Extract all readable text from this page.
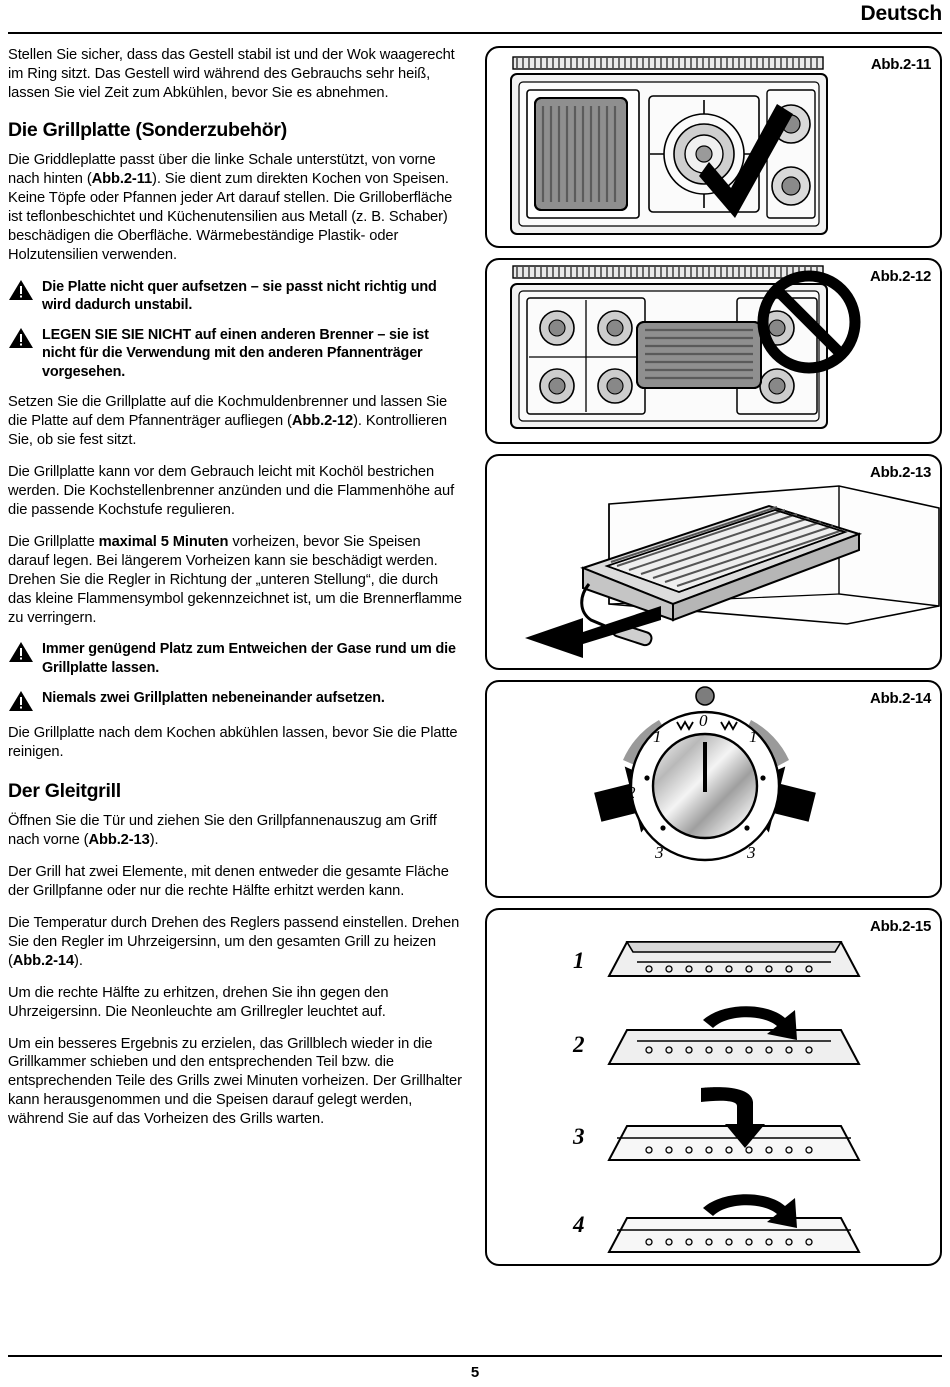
Deutsch

Stellen Sie sicher, dass das Gestell stabil ist und der Wok waagerecht im Ring sitzt. Das Gestell wird während des Gebrauchs sehr heiß, lassen Sie viel Zeit zum Abkühlen, bevor Sie es abnehmen.

Die Grillplatte (Sonderzubehör)

Die Griddleplatte passt über die linke Schale unterstützt, von vorne nach hinten (Abb.2-11). Sie dient zum direkten Kochen von Speisen. Keine Töpfe oder Pfannen jeder Art darauf stellen. Die Grilloberfläche ist teflonbeschichtet und Küchenutensilien aus Metall (z. B. Schaber) beschädigen die Oberfläche. Wärmebeständige Plastik- oder Holzutensilien verwenden.

Die Platte nicht quer aufsetzen – sie passt nicht richtig und wird dadurch unstabil.
LEGEN SIE SIE NICHT auf einen anderen Brenner – sie ist nicht für die Verwendung mit den anderen Pfannenträger vorgesehen.

Setzen Sie die Grillplatte auf die Kochmuldenbrenner und lassen Sie die Platte auf dem Pfannenträger aufliegen (Abb.2-12). Kontrollieren Sie, ob sie fest sitzt.

Die Grillplatte kann vor dem Gebrauch leicht mit Kochöl bestrichen werden. Die Kochstellenbrenner anzünden und die Flammenhöhe auf die passende Kochstufe regulieren.

Die Grillplatte maximal 5 Minuten vorheizen, bevor Sie Speisen darauf legen. Bei längerem Vorheizen kann sie beschädigt werden. Drehen Sie die Regler in Richtung der „unteren Stellung“, die durch das kleine Flammensymbol gekennzeichnet ist, um die Brennerflamme zu verringern.

Immer genügend Platz zum Entweichen der Gase rund um die Grillplatte lassen.
Niemals zwei Grillplatten nebeneinander aufsetzen.

Die Grillplatte nach dem Kochen abkühlen lassen, bevor Sie die Platte reinigen.

Der Gleitgrill

Öffnen Sie die Tür und ziehen Sie den Grillpfannenauszug am Griff nach vorne (Abb.2-13).

Der Grill hat zwei Elemente, mit denen entweder die gesamte Fläche der Grillpfanne oder nur die rechte Hälfte erhitzt werden kann.

Die Temperatur durch Drehen des Reglers passend einstellen. Drehen Sie den Regler im Uhrzeigersinn, um den gesamten Grill zu heizen (Abb.2-14).

Um die rechte Hälfte zu erhitzen, drehen Sie ihn gegen den Uhrzeigersinn. Die Neonleuchte am Grillregler leuchtet auf.

Um ein besseres Ergebnis zu erzielen, das Grillblech wieder in die Grillkammer schieben und den entsprechenden Teil bzw. die entsprechenden Teile des Grills zwei Minuten vorheizen. Der Grillhalter kann herausgenommen und die Speisen darauf gelegt werden, während Sie auf das Vorheizen des Grills warten.

Abb.2-11
Abb.2-12
Abb.2-13
Abb.2-14
0
1	1
2	2
3	3
Abb.2-15
1
2
3
4
5
